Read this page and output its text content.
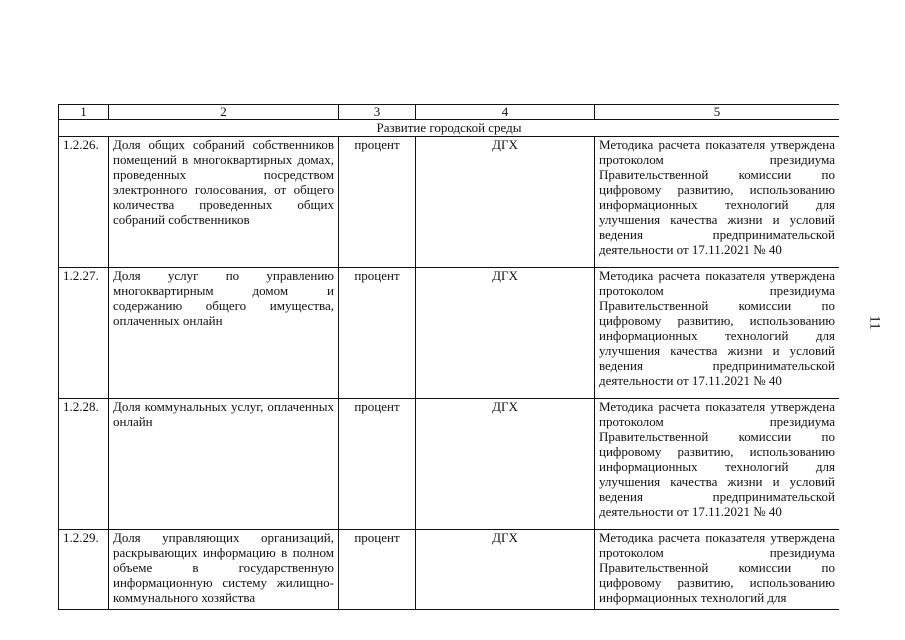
1	2	3	4	5
Развитие городской среды				
1.2.26.	Доля общих собраний собственников помещений в многоквартирных домах, проведенных посредством электронного голосования, от общего количества проведенных общих собраний собственников	процент	ДГХ	Методика расчета показателя утверждена протоколом президиума Правительственной комиссии по цифровому развитию, использованию информационных технологий для улучшения качества жизни и условий ведения предпринимательской деятельности от 17.11.2021 № 40
1.2.27.	Доля услуг по управлению многоквартирным домом и содержанию общего имущества, оплаченных онлайн	процент	ДГХ	Методика расчета показателя утверждена протоколом президиума Правительственной комиссии по цифровому развитию, использованию информационных технологий для улучшения качества жизни и условий ведения предпринимательской деятельности от 17.11.2021 № 40
1.2.28.	Доля коммунальных услуг, оплаченных онлайн	процент	ДГХ	Методика расчета показателя утверждена протоколом президиума Правительственной комиссии по цифровому развитию, использованию информационных технологий для улучшения качества жизни и условий ведения предпринимательской деятельности от 17.11.2021 № 40
1.2.29.	Доля управляющих организаций, раскрывающих информацию в полном объеме в государственную информационную систему жилищно-коммунального хозяйства	процент	ДГХ	Методика расчета показателя утверждена протоколом президиума Правительственной комиссии по цифровому развитию, использованию информационных технологий для
11
